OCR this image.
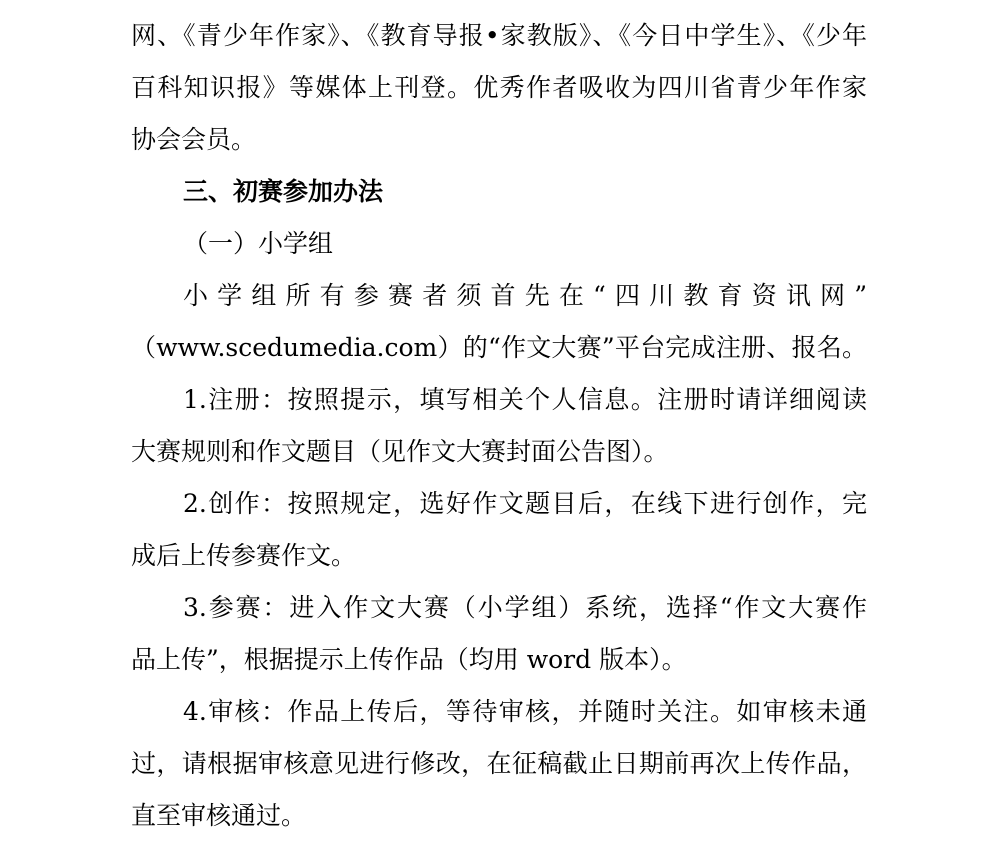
网、《青少年作家》、《教育导报•家教版》、《今日中学生》、《少年
百科知识报》等媒体上刊登。优秀作者吸收为四川省青少年作家
协会会员。
三、初赛参加办法
（一）小学组
小学组所有参赛者须首先在“四川教育资讯网”
（www.scedumedia.com）的“作文大赛”平台完成注册、报名。
1.注册：按照提示，填写相关个人信息。注册时请详细阅读
大赛规则和作文题目（见作文大赛封面公告图）。
2.创作：按照规定，选好作文题目后，在线下进行创作，完
成后上传参赛作文。
3.参赛：进入作文大赛（小学组）系统，选择“作文大赛作
品上传”，根据提示上传作品（均用 word 版本）。
4.审核：作品上传后，等待审核，并随时关注。如审核未通
过，请根据审核意见进行修改，在征稿截止日期前再次上传作品，
直至审核通过。
